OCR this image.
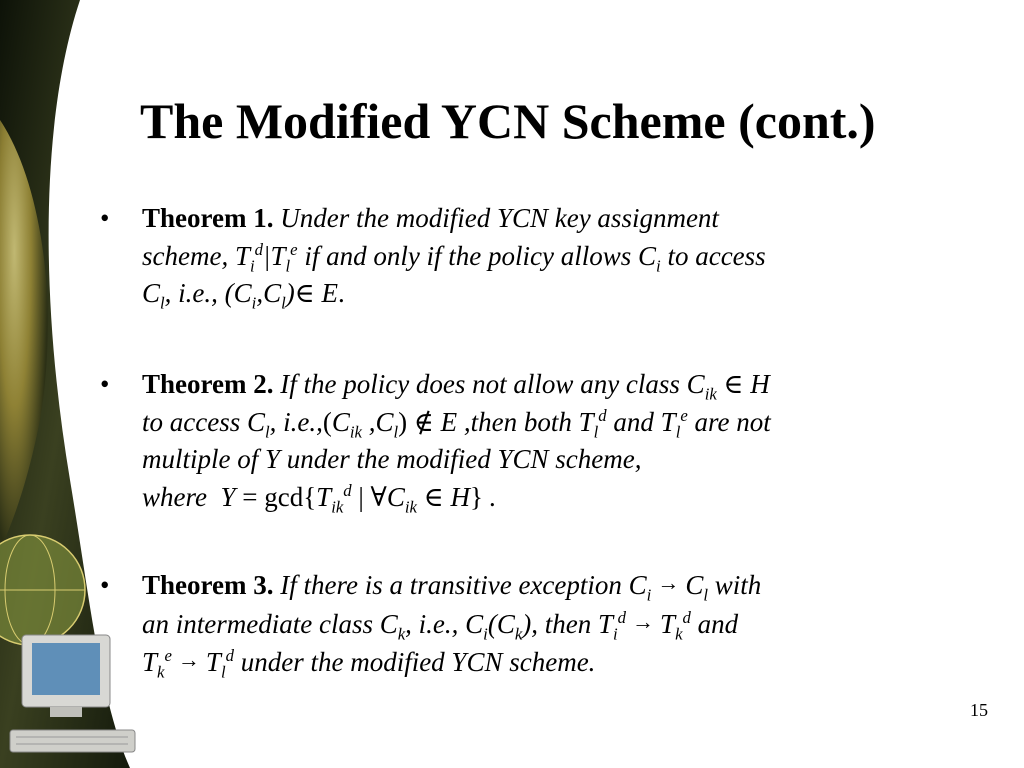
The Modified YCN Scheme (cont.)
• Theorem 1. Under the modified YCN key assignment
scheme, $T_i^d|T_l^e$ if and only if the policy allows $C_i$ to access
$C_l$, i.e., $(C_i,C_l)\in$ E.
• Theorem 2. If the policy does not allow any class $C_{ik}$ ∈ H
to access $C_l$, $i.e.,(C_{ik}$ $,C_l$) ∉ E ,then both $T_l^d$ and $T_l^e$ are not
multiple of Y under the modified YCN scheme,
where  $Y = \gcd\{T_{ik}^d$ | $\forall C_{ik}$ ∈ H} .
• Theorem 3. If there is a transitive exception $C_i \to C_l$ with
an intermediate class $C_k$, i.e., $C_i(C_k)$, then $T_i^d \to T_k^d$ and
$T_k^e \to T_l^d$ under the modified YCN scheme.
15
